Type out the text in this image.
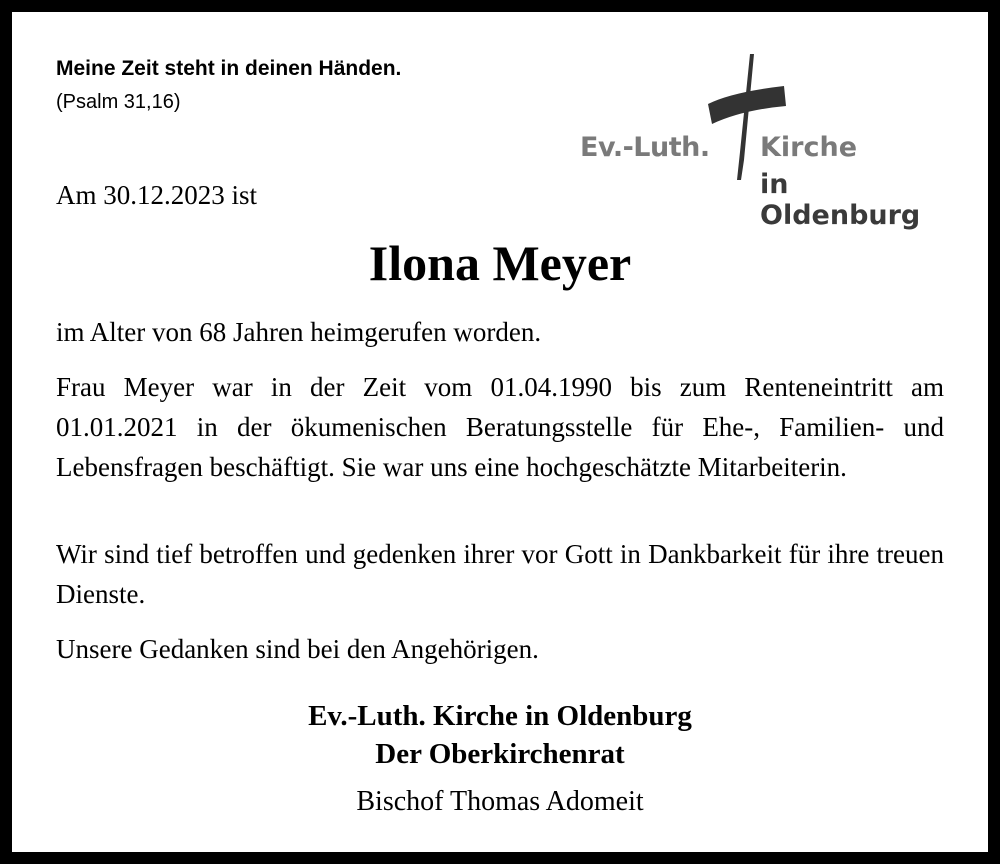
Meine Zeit steht in deinen Händen.
(Psalm 31,16)
Ev.-Luth. Kirche
in Oldenburg
Am 30.12.2023 ist
Ilona Meyer
im Alter von 68 Jahren heimgerufen worden.
Frau Meyer war in der Zeit vom 01.04.1990 bis zum Renteneintritt am 01.01.2021 in der ökumenischen Beratungsstelle für Ehe-, Familien- und Lebensfragen beschäftigt. Sie war uns eine hochgeschätzte Mitarbeiterin.
Wir sind tief betroffen und gedenken ihrer vor Gott in Dankbarkeit für ihre treuen Dienste.
Unsere Gedanken sind bei den Angehörigen.
Ev.-Luth. Kirche in Oldenburg
Der Oberkirchenrat
Bischof Thomas Adomeit
